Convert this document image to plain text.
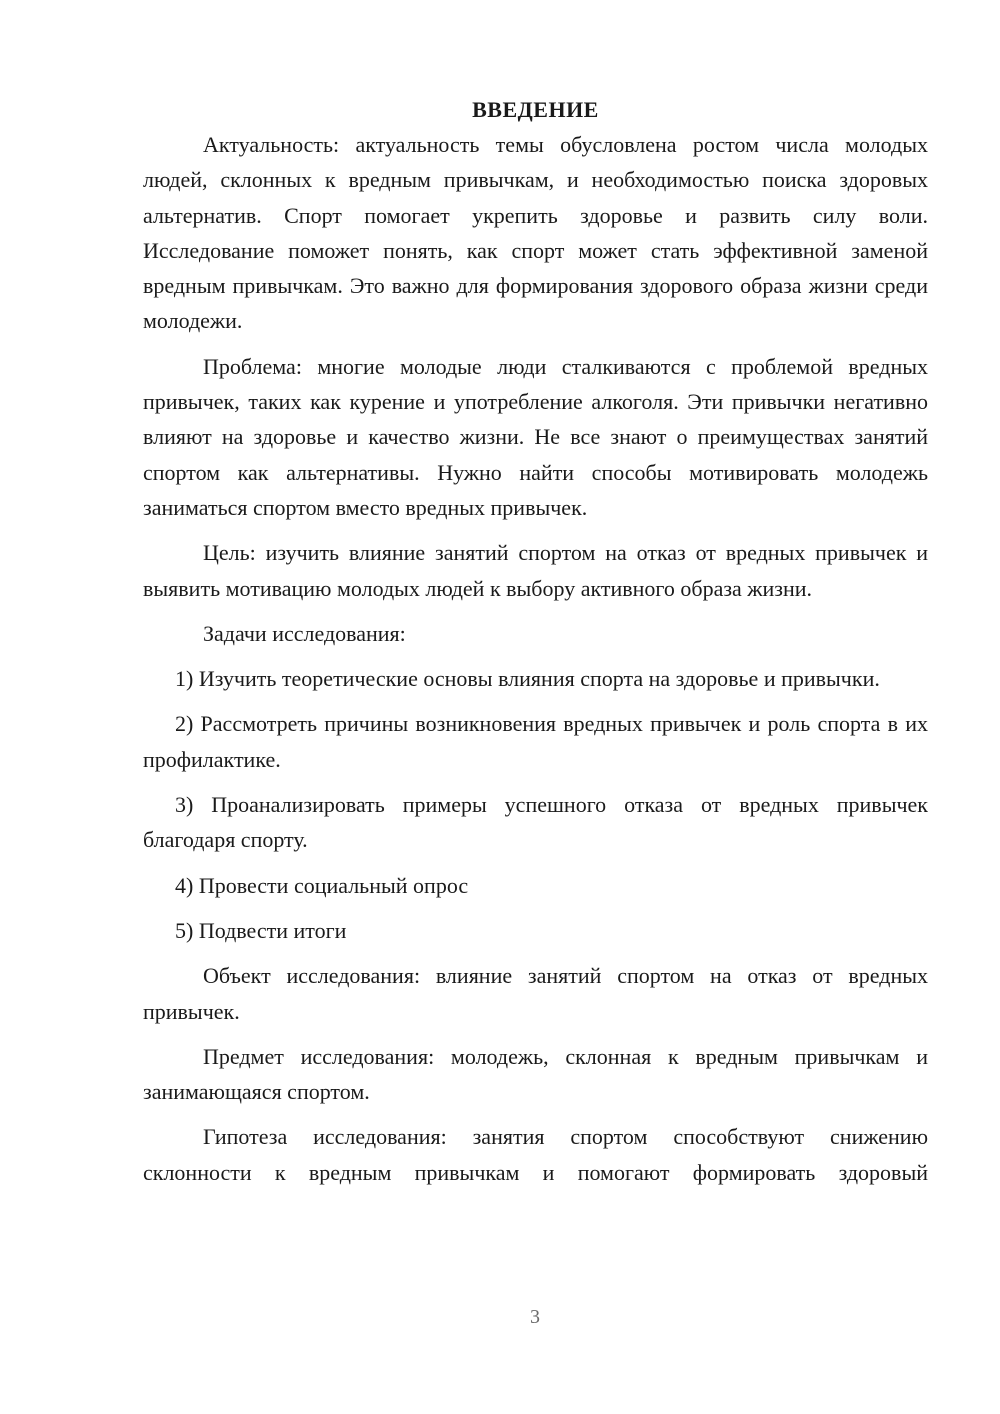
ВВЕДЕНИЕ

Актуальность: актуальность темы обусловлена ростом числа молодых людей, склонных к вредным привычкам, и необходимостью поиска здоровых альтернатив. Спорт помогает укрепить здоровье и развить силу воли. Исследование поможет понять, как спорт может стать эффективной заменой вредным привычкам. Это важно для формирования здорового образа жизни среди молодежи.

Проблема: многие молодые люди сталкиваются с проблемой вредных привычек, таких как курение и употребление алкоголя. Эти привычки негативно влияют на здоровье и качество жизни. Не все знают о преимуществах занятий спортом как альтернативы. Нужно найти способы мотивировать молодежь заниматься спортом вместо вредных привычек.

Цель: изучить влияние занятий спортом на отказ от вредных привычек и выявить мотивацию молодых людей к выбору активного образа жизни.

Задачи исследования:

1) Изучить теоретические основы влияния спорта на здоровье и привычки.

2) Рассмотреть причины возникновения вредных привычек и роль спорта в их профилактике.

3) Проанализировать примеры успешного отказа от вредных привычек благодаря спорту.

4) Провести социальный опрос

5) Подвести итоги

Объект исследования: влияние занятий спортом на отказ от вредных привычек.

Предмет исследования: молодежь, склонная к вредным привычкам и занимающаяся спортом.

Гипотеза исследования: занятия спортом способствуют снижению склонности к вредным привычкам и помогают формировать здоровый

3
